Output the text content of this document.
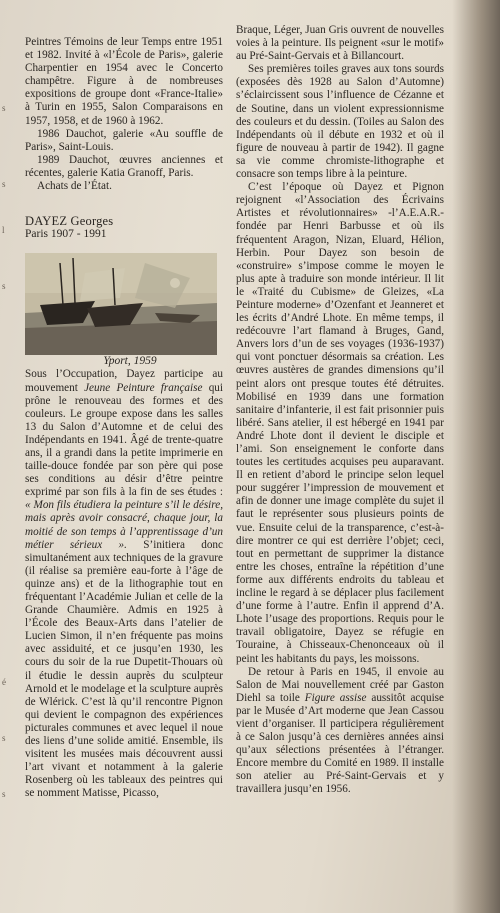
s
s
l
s
é
s
s

Peintres Témoins de leur Temps entre 1951 et 1982. Invité à «l’École de Paris», galerie Charpentier en 1954 avec le Concerto champêtre. Figure à de nombreuses expositions de groupe dont «France-Italie» à Turin en 1955, Salon Comparaisons en 1957, 1958, et de 1960 à 1962.

1986 Dauchot, galerie «Au souffle de Paris», Saint-Louis.

1989 Dauchot, œuvres anciennes et récentes, galerie Katia Granoff, Paris.

Achats de l’État.

DAYEZ Georges
Paris 1907 - 1991

Yport, 1959

Sous l’Occupation, Dayez participe au mouvement Jeune Peinture française qui prône le renouveau des formes et des couleurs. Le groupe expose dans les salles 13 du Salon d’Automne et de celui des Indépendants en 1941. Âgé de trente-quatre ans, il a grandi dans la petite imprimerie en taille-douce fondée par son père qui pose ses conditions au désir d’être peintre exprimé par son fils à la fin de ses études : « Mon fils étudiera la peinture s’il le désire, mais après avoir consacré, chaque jour, la moitié de son temps à l’apprentissage d’un métier sérieux ». S’initiera donc simultanément aux techniques de la gravure (il réalise sa première eau-forte à l’âge de quinze ans) et de la lithographie tout en fréquentant l’Académie Julian et celle de la Grande Chaumière. Admis en 1925 à l’École des Beaux-Arts dans l’atelier de Lucien Simon, il n’en fréquente pas moins avec assiduité, et ce jusqu’en 1930, les cours du soir de la rue Dupetit-Thouars où il étudie le dessin auprès du sculpteur Arnold et le modelage et la sculpture auprès de Wlérick. C’est là qu’il rencontre Pignon qui devient le compagnon des expériences picturales communes et avec lequel il noue des liens d’une solide amitié. Ensemble, ils visitent les musées mais découvrent aussi l’art vivant et notamment à la galerie Rosenberg où les tableaux des peintres qui se nomment Matisse, Picasso,

Braque, Léger, Juan Gris ouvrent de nouvelles voies à la peinture. Ils peignent «sur le motif» au Pré-Saint-Gervais et à Billancourt.

Ses premières toiles graves aux tons sourds (exposées dès 1928 au Salon d’Automne) s’éclaircissent sous l’influence de Cézanne et de Soutine, dans un violent expressionnisme des couleurs et du dessin. (Toiles au Salon des Indépendants où il débute en 1932 et où il figure de nouveau à partir de 1942). Il gagne sa vie comme chromiste-lithographe et consacre son temps libre à la peinture.

C’est l’époque où Dayez et Pignon rejoignent «l’Association des Écrivains Artistes et révolutionnaires» -l’A.E.A.R.- fondée par Henri Barbusse et où ils fréquentent Aragon, Nizan, Eluard, Hélion, Herbin. Pour Dayez son besoin de «construire» s’impose comme le moyen le plus apte à traduire son monde intérieur. Il lit le «Traité du Cubisme» de Gleizes, «La Peinture moderne» d’Ozenfant et Jeanneret et les écrits d’André Lhote. En même temps, il redécouvre l’art flamand à Bruges, Gand, Anvers lors d’un de ses voyages (1936-1937) qui vont ponctuer désormais sa création. Les œuvres austères de grandes dimensions qu’il peint alors ont presque toutes été détruites. Mobilisé en 1939 dans une formation sanitaire d’infanterie, il est fait prisonnier puis libéré. Sans atelier, il est hébergé en 1941 par André Lhote dont il devient le disciple et l’ami. Son enseignement le conforte dans toutes les certitudes acquises peu auparavant. Il en retient d’abord le principe selon lequel pour suggérer l’impression de mouvement et afin de donner une image complète du sujet il faut le représenter sous plusieurs points de vue. Ensuite celui de la transparence, c’est-à-dire montrer ce qui est derrière l’objet; ceci, tout en permettant de supprimer la distance entre les choses, entraîne la répétition d’une forme aux différents endroits du tableau et incline le regard à se déplacer plus facilement d’une forme à l’autre. Enfin il apprend d’A. Lhote l’usage des proportions. Requis pour le travail obligatoire, Dayez se réfugie en Touraine, à Chisseaux-Chenonceaux où il peint les habitants du pays, les moissons.

De retour à Paris en 1945, il envoie au Salon de Mai nouvellement créé par Gaston Diehl sa toile Figure assise aussitôt acquise par le Musée d’Art moderne que Jean Cassou vient d’organiser. Il participera régulièrement à ce Salon jusqu’à ces dernières années ainsi qu’aux sélections présentées à l’étranger. Encore membre du Comité en 1989. Il installe son atelier au Pré-Saint-Gervais et y travaillera jusqu’en 1956.
